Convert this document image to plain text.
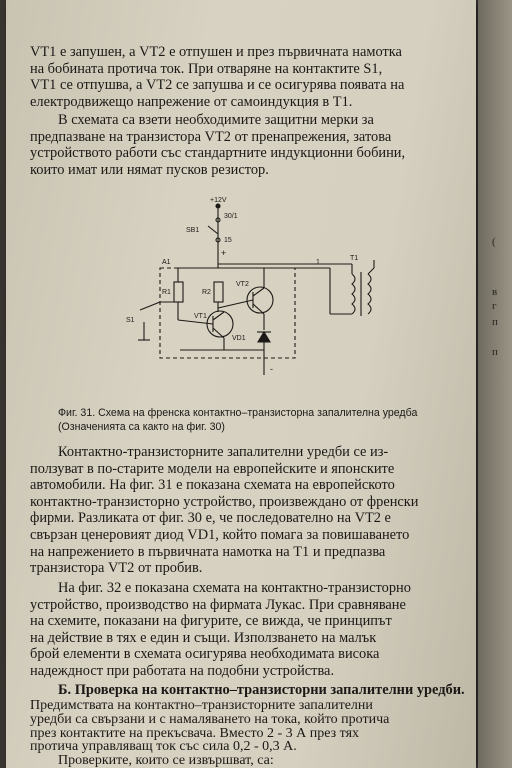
(
в
г
п
п

VT1 е запушен, а VT2 е отпушен и през първичната намотка

на бобината протича ток. При отваряне на контактите S1,

VT1 се отпушва, а VT2 се запушва и се осигурява появата на

електродвижещо напрежение от самоиндукция в T1.

В схемата са взети необходимите защитни мерки за

предпазване на транзистора VT2 от пренапрежения, затова

устройството работи със стандартните индукционни бобини,

които имат или нямат пусков резистор.

+12V
30/1
SB1
15
A1
+
R1	R2
VT1
VT2
VD1
S1
T1
1
-
Фиг. 31. Схема на френска контактно–транзисторна запалителна уредба
(Означенията са както на фиг. 30)

Контактно-транзисторните запалителни уредби се из-

ползуват в по-старите модели на европейските и японските

автомобили. На фиг. 31 е показана схемата на европейското

контактно-транзисторно устройство, произвеждано от френски

фирми. Разликата от фиг. 30 е, че последователно на VT2 е

свързан ценеровият диод VD1, който помага за повишаването

на напрежението в първичната намотка на T1 и предпазва

транзистора VT2 от пробив.

На фиг. 32 е показана схемата на контактно-транзисторно

устройство, производство на фирмата Лукас. При сравняване

на схемите, показани на фигурите, се вижда, че принципът

на действие в тях е един и същи. Използването на малък

брой елементи в схемата осигурява необходимата висока

надеждност при работата на подобни устройства.

Б. Проверка на контактно–транзисторни запалителни уредби.

Предимствата на контактно–транзисторните запалителни

уредби са свързани и с намаляването на тока, който протича

през контактите на прекъсвача. Вместо 2 - 3 А през тях

протича управляващ ток със сила 0,2 - 0,3 А.

Проверките, които се извършват, са:
